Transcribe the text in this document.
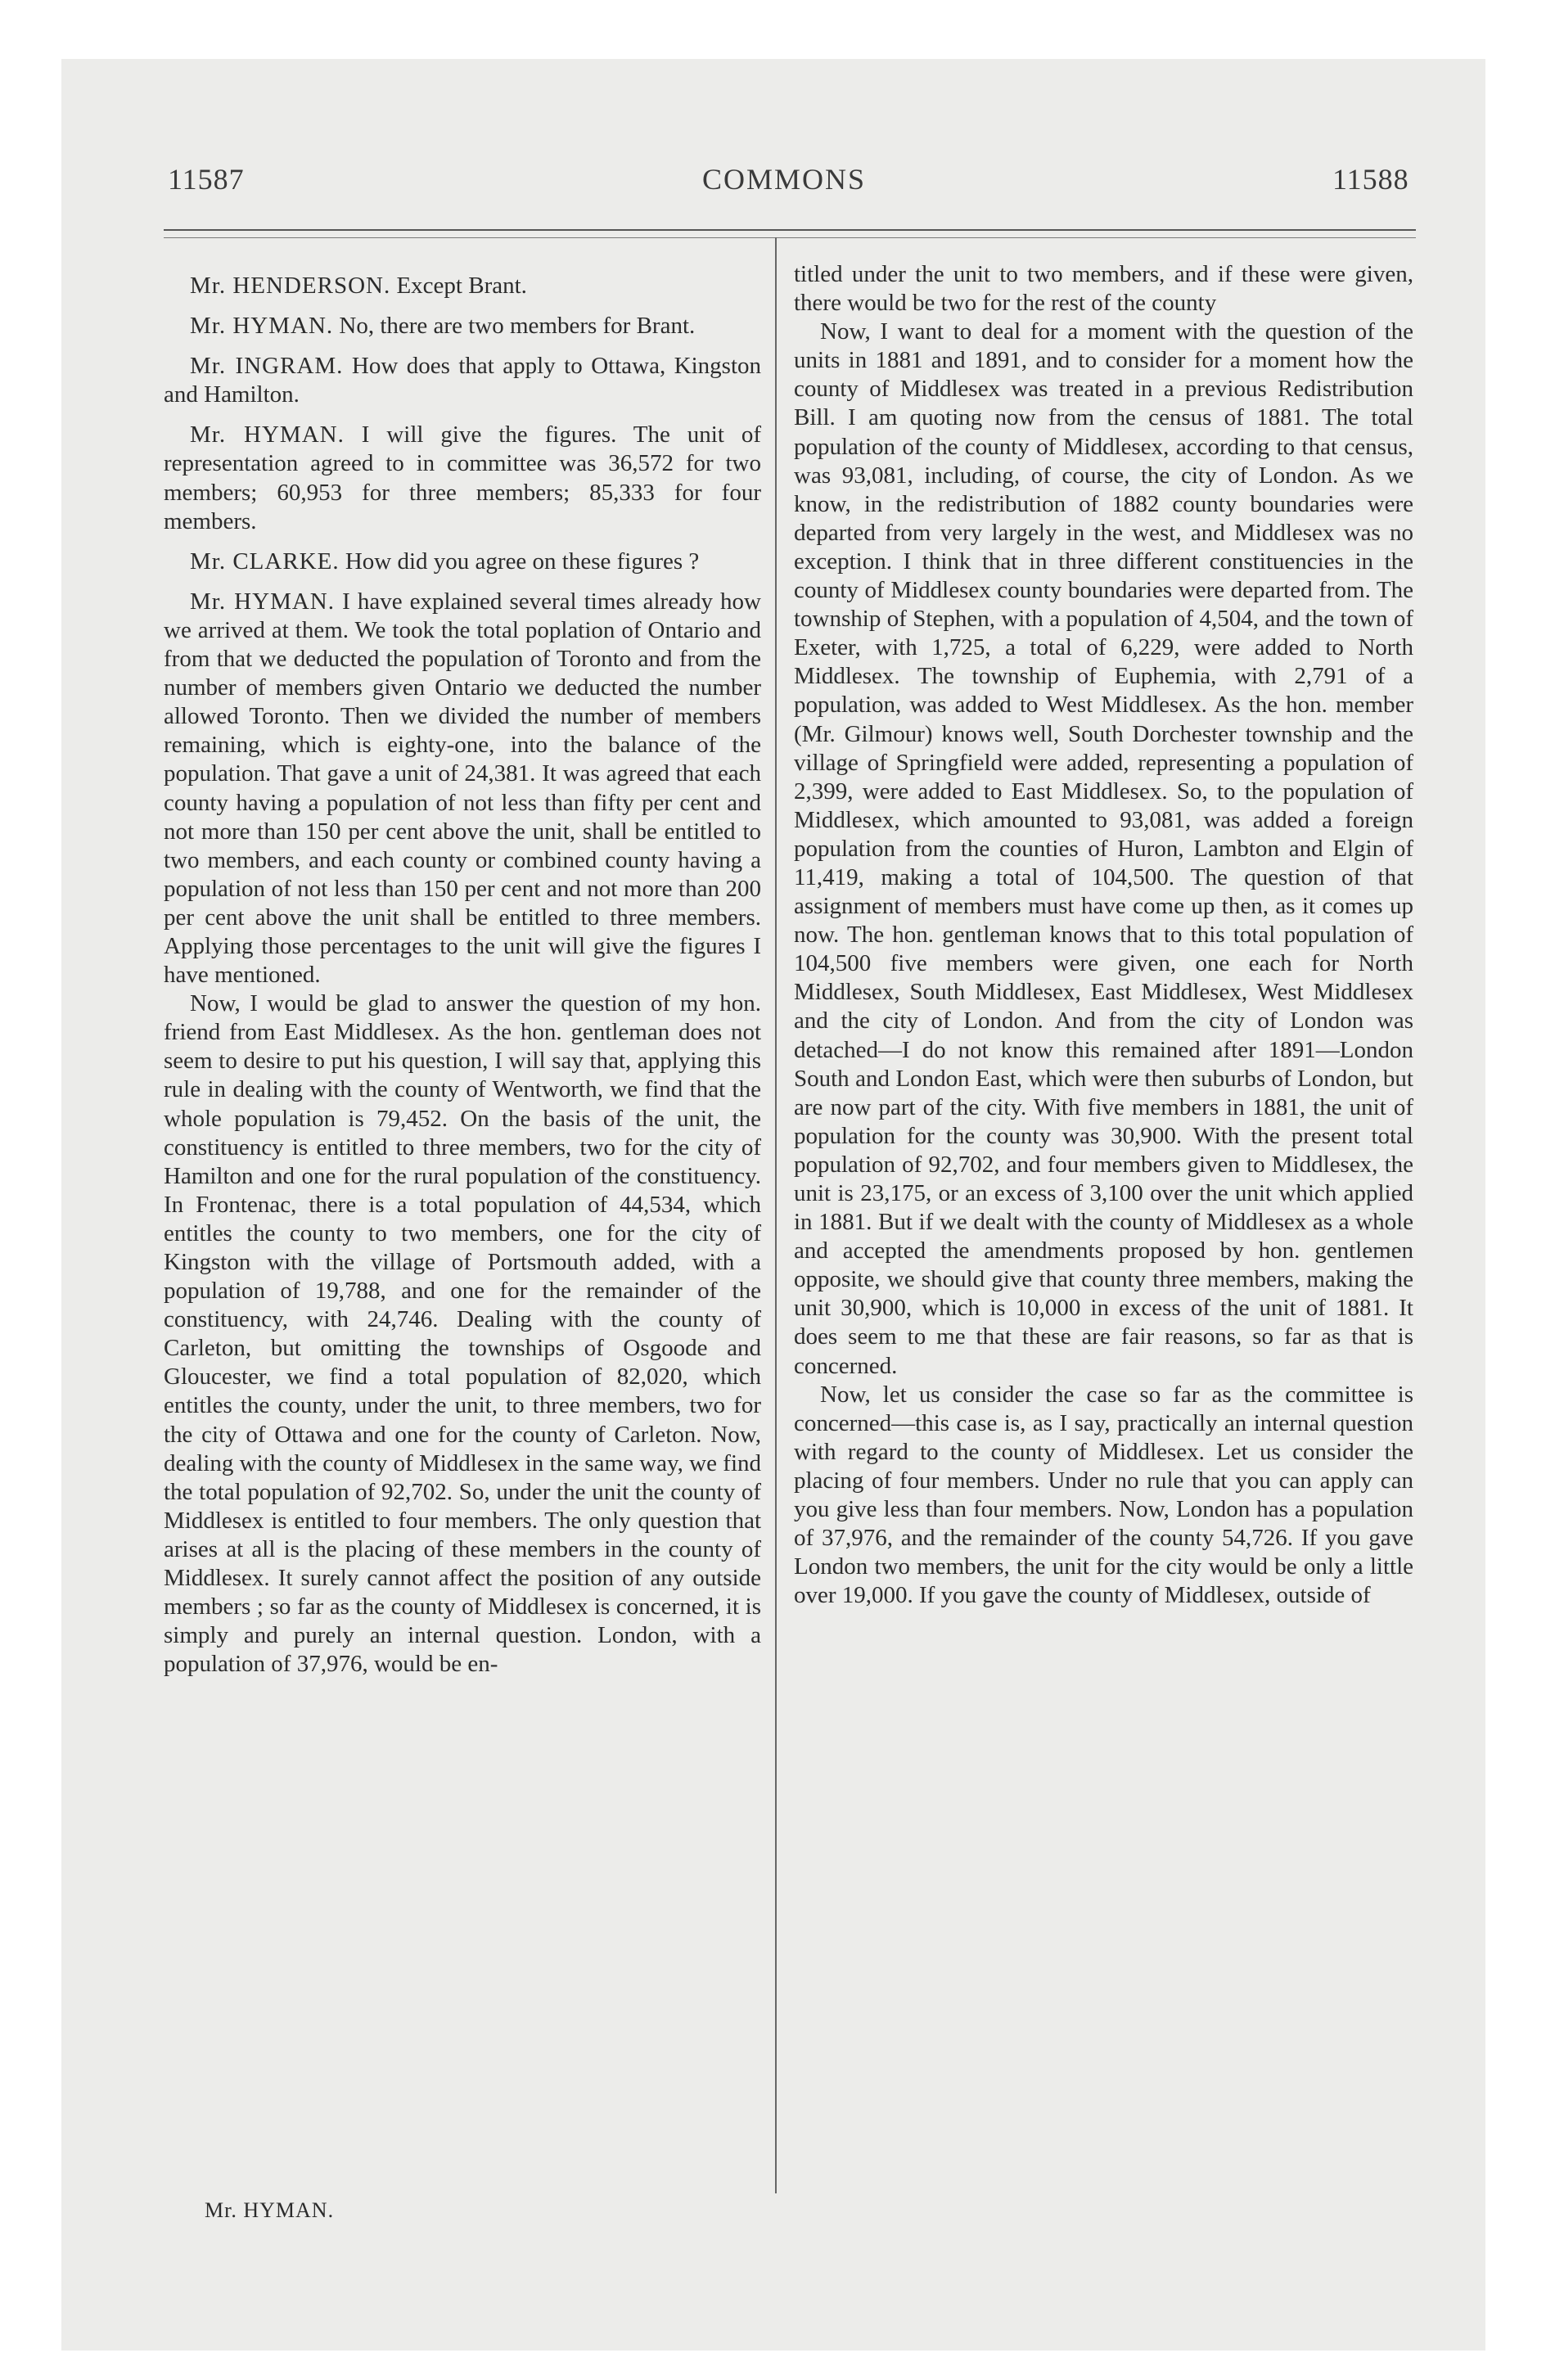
11587	COMMONS	11588

Mr. HENDERSON. Except Brant.

Mr. HYMAN. No, there are two members for Brant.

Mr. INGRAM. How does that apply to Ottawa, Kingston and Hamilton.

Mr. HYMAN. I will give the figures. The unit of representation agreed to in committee was 36,572 for two members; 60,953 for three members; 85,333 for four members.

Mr. CLARKE. How did you agree on these figures ?

Mr. HYMAN. I have explained several times already how we arrived at them. We took the total poplation of Ontario and from that we deducted the population of Toronto and from the number of members given Ontario we deducted the number allowed Toronto. Then we divided the number of members remaining, which is eighty-one, into the balance of the population. That gave a unit of 24,381. It was agreed that each county having a population of not less than fifty per cent and not more than 150 per cent above the unit, shall be entitled to two members, and each county or combined county having a population of not less than 150 per cent and not more than 200 per cent above the unit shall be entitled to three members. Applying those percentages to the unit will give the figures I have mentioned.

Now, I would be glad to answer the question of my hon. friend from East Middlesex. As the hon. gentleman does not seem to desire to put his question, I will say that, applying this rule in dealing with the county of Wentworth, we find that the whole population is 79,452. On the basis of the unit, the constituency is entitled to three members, two for the city of Hamilton and one for the rural population of the constituency. In Frontenac, there is a total population of 44,534, which entitles the county to two members, one for the city of Kingston with the village of Portsmouth added, with a population of 19,788, and one for the remainder of the constituency, with 24,746. Dealing with the county of Carleton, but omitting the townships of Osgoode and Gloucester, we find a total population of 82,020, which entitles the county, under the unit, to three members, two for the city of Ottawa and one for the county of Carleton. Now, dealing with the county of Middlesex in the same way, we find the total population of 92,702. So, under the unit the county of Middlesex is entitled to four members. The only question that arises at all is the placing of these members in the county of Middlesex. It surely cannot affect the position of any outside members ; so far as the county of Middlesex is concerned, it is simply and purely an internal question. London, with a population of 37,976, would be en-

titled under the unit to two members, and if these were given, there would be two for the rest of the county

Now, I want to deal for a moment with the question of the units in 1881 and 1891, and to consider for a moment how the county of Middlesex was treated in a previous Redistribution Bill. I am quoting now from the census of 1881. The total population of the county of Middlesex, according to that census, was 93,081, including, of course, the city of London. As we know, in the redistribution of 1882 county boundaries were departed from very largely in the west, and Middlesex was no exception. I think that in three different constituencies in the county of Middlesex county boundaries were departed from. The township of Stephen, with a population of 4,504, and the town of Exeter, with 1,725, a total of 6,229, were added to North Middlesex. The township of Euphemia, with 2,791 of a population, was added to West Middlesex. As the hon. member (Mr. Gilmour) knows well, South Dorchester township and the village of Springfield were added, representing a population of 2,399, were added to East Middlesex. So, to the population of Middlesex, which amounted to 93,081, was added a foreign population from the counties of Huron, Lambton and Elgin of 11,419, making a total of 104,500. The question of that assignment of members must have come up then, as it comes up now. The hon. gentleman knows that to this total population of 104,500 five members were given, one each for North Middlesex, South Middlesex, East Middlesex, West Middlesex and the city of London. And from the city of London was detached—I do not know this remained after 1891—London South and London East, which were then suburbs of London, but are now part of the city. With five members in 1881, the unit of population for the county was 30,900. With the present total population of 92,702, and four members given to Middlesex, the unit is 23,175, or an excess of 3,100 over the unit which applied in 1881. But if we dealt with the county of Middlesex as a whole and accepted the amendments proposed by hon. gentlemen opposite, we should give that county three members, making the unit 30,900, which is 10,000 in excess of the unit of 1881. It does seem to me that these are fair reasons, so far as that is concerned.

Now, let us consider the case so far as the committee is concerned—this case is, as I say, practically an internal question with regard to the county of Middlesex. Let us consider the placing of four members. Under no rule that you can apply can you give less than four members. Now, London has a population of 37,976, and the remainder of the county 54,726. If you gave London two members, the unit for the city would be only a little over 19,000. If you gave the county of Middlesex, outside of

Mr. HYMAN.
